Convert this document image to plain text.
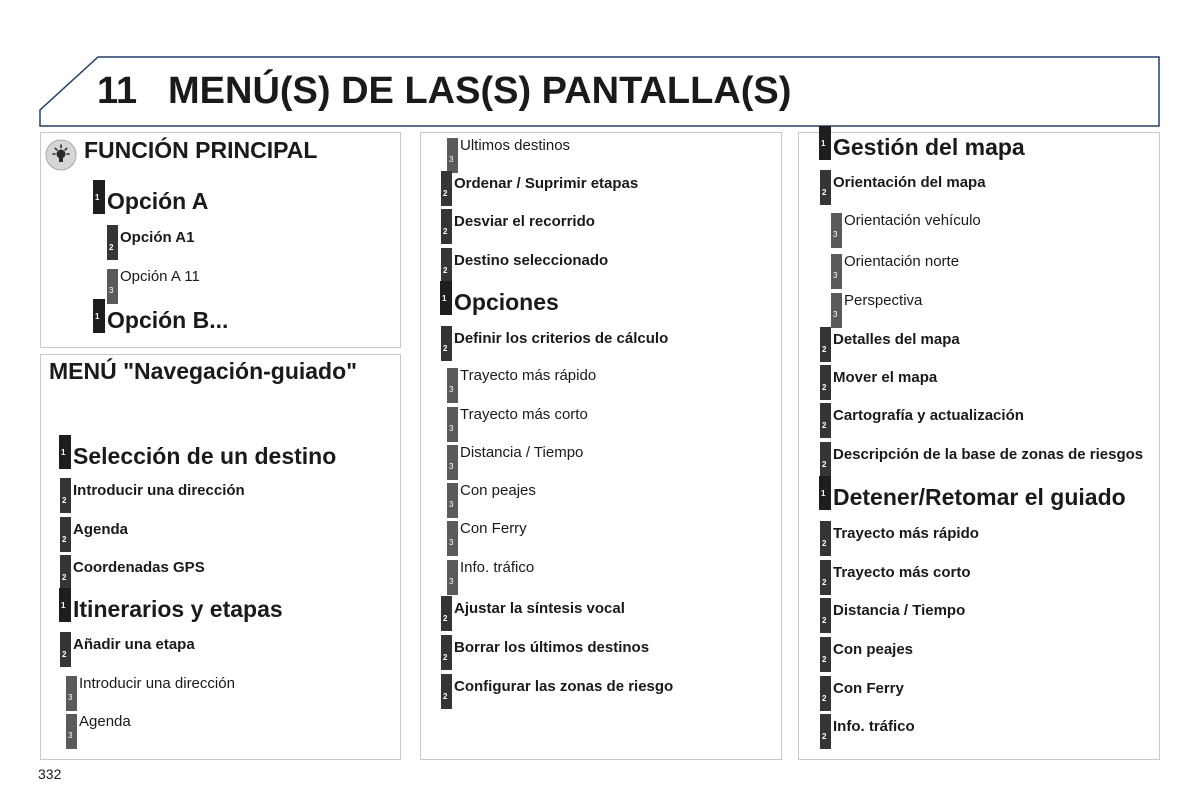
11 MENÚ(S) DE LAS(S) PANTALLA(S)
FUNCIÓN PRINCIPAL
1 Opción A
2
Opción A1
3
Opción A 11
1 Opción B...
MENÚ "Navegación-guiado"
1 Selección de un destino
2
Introducir una dirección
2
Agenda
2
Coordenadas GPS
1 Itinerarios y etapas
2
Añadir una etapa
3
Introducir una dirección
3
Agenda
3
Ultimos destinos
2
Ordenar / Suprimir etapas
2
Desviar el recorrido
2
Destino seleccionado
1 Opciones
2
Definir los criterios de cálculo
3
Trayecto más rápido
3
Trayecto más corto
3
Distancia / Tiempo
3
Con peajes
3
Con Ferry
3
Info. tráfico
2
Ajustar la síntesis vocal
2
Borrar los últimos destinos
2
Configurar las zonas de riesgo
1 Gestión del mapa
2
Orientación del mapa
3
Orientación vehículo
3
Orientación norte
3
Perspectiva
2
Detalles del mapa
2
Mover el mapa
2
Cartografía y actualización
2
Descripción de la base de zonas de riesgos
1 Detener/Retomar el guiado
2
Trayecto más rápido
2
Trayecto más corto
2
Distancia / Tiempo
2
Con peajes
2
Con Ferry
2
Info. tráfico
332
